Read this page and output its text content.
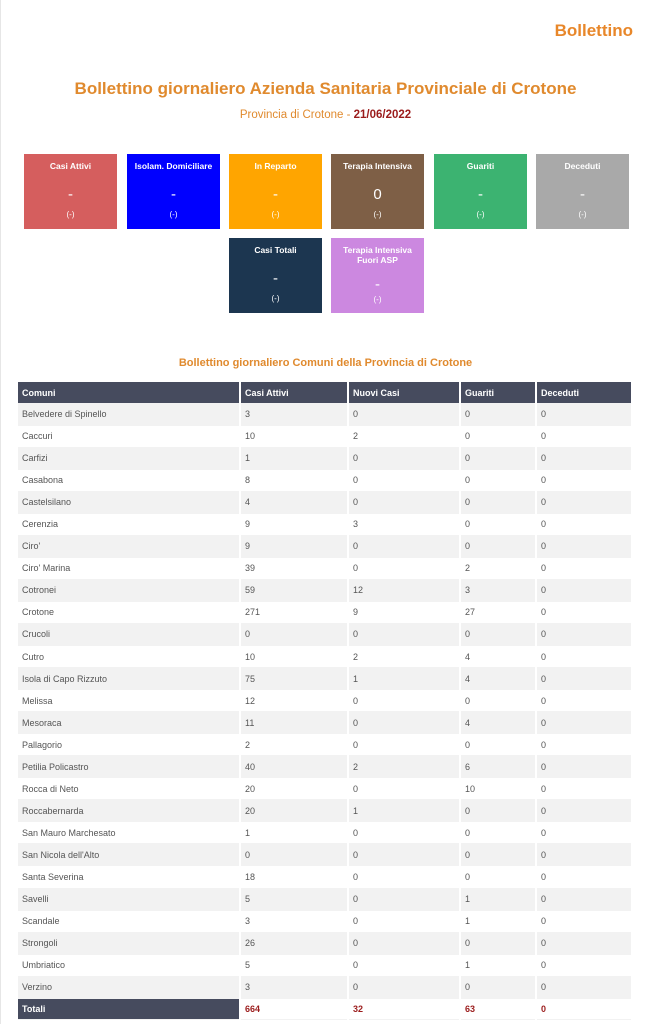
Bollettino
Bollettino giornaliero Azienda Sanitaria Provinciale di Crotone
Provincia di Crotone - 21/06/2022
Casi Attivi
-
(-)
Isolam. Domiciliare
-
(-)
In Reparto
-
(-)
Terapia Intensiva
0
(-)
Guariti
-
(-)
Deceduti
-
(-)
Casi Totali
-
(-)
Terapia Intensiva Fuori ASP
-
(-)
Bollettino giornaliero Comuni della Provincia di Crotone
Comuni	Casi Attivi	Nuovi Casi	Guariti	Deceduti
Belvedere di Spinello	3	0	0	0
Caccuri	10	2	0	0
Carfizi	1	0	0	0
Casabona	8	0	0	0
Castelsilano	4	0	0	0
Cerenzia	9	3	0	0
Ciro'	9	0	0	0
Ciro' Marina	39	0	2	0
Cotronei	59	12	3	0
Crotone	271	9	27	0
Crucoli	0	0	0	0
Cutro	10	2	4	0
Isola di Capo Rizzuto	75	1	4	0
Melissa	12	0	0	0
Mesoraca	11	0	4	0
Pallagorio	2	0	0	0
Petilia Policastro	40	2	6	0
Rocca di Neto	20	0	10	0
Roccabernarda	20	1	0	0
San Mauro Marchesato	1	0	0	0
San Nicola dell'Alto	0	0	0	0
Santa Severina	18	0	0	0
Savelli	5	0	1	0
Scandale	3	0	1	0
Strongoli	26	0	0	0
Umbriatico	5	0	1	0
Verzino	3	0	0	0
Totali	664	32	63	0
